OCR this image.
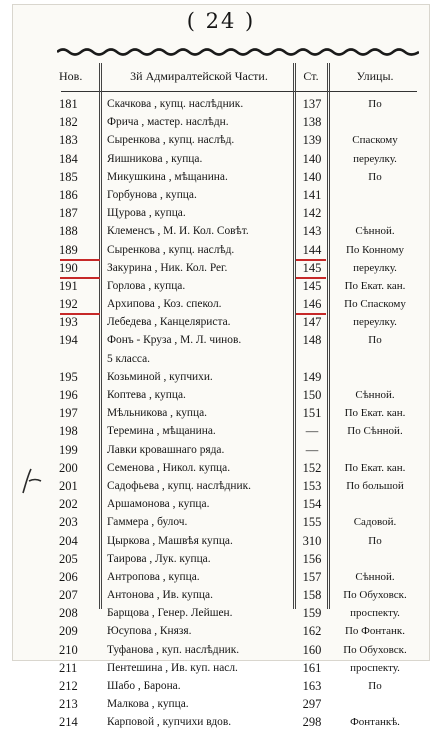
( 24 )
Нов.	3й Адмиралтейской Части.	Ст.	Улицы.
181	Скачкова , купц. наслѣдник.	137	По
182	Фрича , мастер. наслѣдн.	138
183	Сыренкова , купц. наслѣд.	139	Спаскому
184	Яишникова , купца.	140	переулку.
185	Микушкина , мѣщанина.	140	По
186	Горбунова , купца.	141
187	Щурова , купца.	142
188	Клеменсъ , М. И. Кол. Совѣт.	143	Сѣнной.
189	Сыренкова , купц. наслѣд.	144	По Конному
190	Закурина , Ник. Кол. Рег.	145	переулку.
191	Горлова , купца.	145	По Екат. кан.
192	Архипова , Коз. спекол.	146	По Спаскому
193	Лебедева , Канцеляриста.	147	переулку.
194	Фонъ - Круза , М. Л. чинов.	148	По
5 класса.
195	Козьминой , купчихи.	149
196	Коптева , купца.	150	Сѣнной.
197	Мѣльникова , купца.	151	По Екат. кан.
198	Теремина , мѣщанина.	—	По Сѣнной.
199	Лавки кровашнаго ряда.	—
200	Семенова , Никол. купца.	152	По Екат. кан.
201	Садофьева , купц. наслѣдник.	153	По большой
202	Аршамонова , купца.	154
203	Гаммера , булоч.	155	Садовой.
204	Цыркова , Машвѣя купца.	310	По
205	Таирова , Лук. купца.	156
206	Антропова , купца.	157	Сѣнной.
207	Антонова , Ив. купца.	158	По Обуховск.
208	Барщова , Генер. Лейшен.	159	проспекту.
209	Юсупова , Князя.	162	По Фонтанк.
210	Туфанова , куп. наслѣдник.	160	По Обуховск.
211	Пентешина , Ив. куп. насл.	161	проспекту.
212	Шабо , Барона.	163	По
213	Малкова , купца.	297
214	Карповой , купчихи вдов.	298	Фонтанкѣ.
